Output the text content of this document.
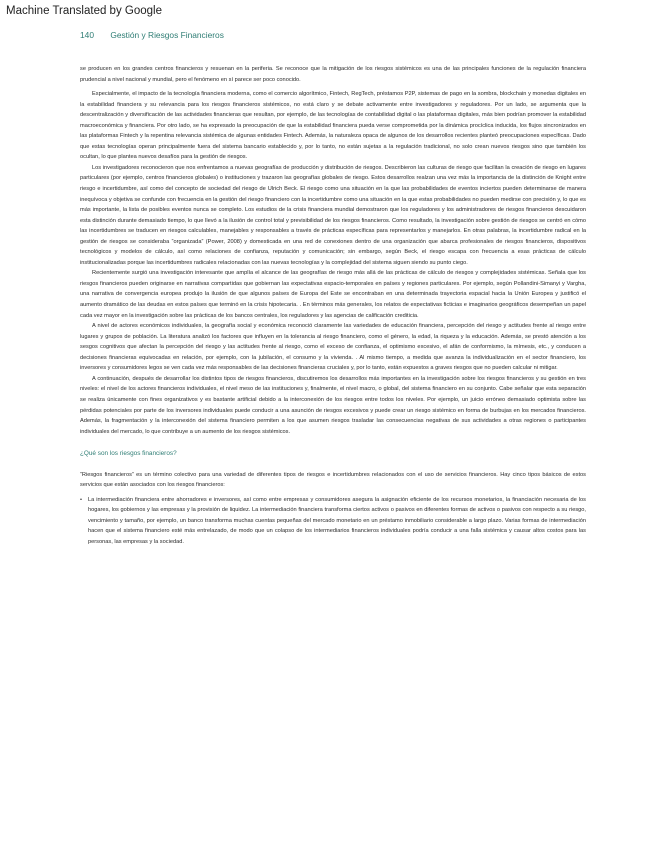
Machine Translated by Google
140 Gestión y Riesgos Financieros

se producen en los grandes centros financieros y resuenan en la periferia. Se reconoce que la mitigación de los riesgos sistémicos es una de las principales funciones de la regulación financiera prudencial a nivel nacional y mundial, pero el fenómeno en sí parece ser poco conocido.

Especialmente, el impacto de la tecnología financiera moderna, como el comercio algorítmico, Fintech, RegTech, préstamos P2P, sistemas de pago en la sombra, blockchain y monedas digitales en la estabilidad financiera y su relevancia para los riesgos financieros sistémicos, no está claro y se debate activamente entre investigadores y reguladores. Por un lado, se argumenta que la descentralización y diversificación de las actividades financieras que resultan, por ejemplo, de las tecnologías de contabilidad digital o las plataformas digitales, más bien podrían promover la estabilidad macroeconómica y financiera. Por otro lado, se ha expresado la preocupación de que la estabilidad financiera pueda verse comprometida por la dinámica procíclica inducida, los flujos sincronizados en las plataformas Fintech y la repentina relevancia sistémica de algunas entidades Fintech. Además, la naturaleza opaca de algunos de los desarrollos recientes planteó preocupaciones específicas. Dado que estas tecnologías operan principalmente fuera del sistema bancario establecido y, por lo tanto, no están sujetas a la regulación tradicional, no solo crean nuevos riesgos sino que también los ocultan, lo que plantea nuevos desafíos para la gestión de riesgos.

Los investigadores reconocieron que nos enfrentamos a nuevas geografías de producción y distribución de riesgos. Describieron las culturas de riesgo que facilitan la creación de riesgo en lugares particulares (por ejemplo, centros financieros globales) o instituciones y trazaron las geografías globales de riesgo. Estos desarrollos realzan una vez más la importancia de la distinción de Knight entre riesgo e incertidumbre, así como del concepto de sociedad del riesgo de Ulrich Beck. El riesgo como una situación en la que las probabilidades de eventos inciertos pueden determinarse de manera inequívoca y objetiva se confunde con frecuencia en la gestión del riesgo financiero con la incertidumbre como una situación en la que estas probabilidades no pueden medirse con precisión y, lo que es más importante, la lista de posibles eventos nunca se completo. Los estudios de la crisis financiera mundial demostraron que los reguladores y los administradores de riesgos financieros descuidaron esta distinción durante demasiado tiempo, lo que llevó a la ilusión de control total y previsibilidad de los riesgos financieros. Como resultado, la investigación sobre gestión de riesgos se centró en cómo las incertidumbres se traducen en riesgos calculables, manejables y responsables a través de prácticas específicas para representarlos y manejarlos. En otras palabras, la incertidumbre radical en la gestión de riesgos se consideraba “organizada” (Power, 2008) y domesticada en una red de conexiones dentro de una organización que abarca profesionales de riesgos financieros, dispositivos tecnológicos y modelos de cálculo, así como relaciones de confianza, reputación y comunicación; sin embargo, según Beck, el riesgo escapa con frecuencia a esas prácticas de cálculo institucionalizadas porque las incertidumbres radicales relacionadas con las nuevas tecnologías y la complejidad del sistema siguen siendo su punto ciego.

Recientemente surgió una investigación interesante que amplía el alcance de las geografías de riesgo más allá de las prácticas de cálculo de riesgos y complejidades sistémicas. Señala que los riesgos financieros pueden originarse en narrativas compartidas que gobiernan las expectativas espacio-temporales en países y regiones particulares. Por ejemplo, según Pollandini-Simanyi y Vargha, una narrativa de convergencia europea produjo la ilusión de que algunos países de Europa del Este se encontraban en una determinada trayectoria espacial hacia la Unión Europea y justificó el aumento dramático de las deudas en estos países que terminó en la crisis hipotecaria. . En términos más generales, los relatos de expectativas ficticias e imaginarios geográficos desempeñan un papel cada vez mayor en la investigación sobre las prácticas de los bancos centrales, los reguladores y las agencias de calificación crediticia.

A nivel de actores económicos individuales, la geografía social y económica reconoció claramente las variedades de educación financiera, percepción del riesgo y actitudes frente al riesgo entre lugares y grupos de población. La literatura analizó los factores que influyen en la tolerancia al riesgo financiero, como el género, la edad, la riqueza y la educación. Además, se prestó atención a los sesgos cognitivos que afectan la percepción del riesgo y las actitudes frente al riesgo, como el exceso de confianza, el optimismo excesivo, el afán de conformismo, la mímesis, etc., y conducen a decisiones financieras equivocadas en relación, por ejemplo, con la jubilación, el consumo y la vivienda. . Al mismo tiempo, a medida que avanza la individualización en el sector financiero, los inversores y consumidores legos se ven cada vez más responsables de las decisiones financieras cruciales y, por lo tanto, están expuestos a graves riesgos que no pueden calcular ni mitigar.

A continuación, después de desarrollar los distintos tipos de riesgos financieros, discutiremos los desarrollos más importantes en la investigación sobre los riesgos financieros y su gestión en tres niveles: el nivel de los actores financieros individuales, el nivel meso de las instituciones y, finalmente, el nivel macro, o global, del sistema financiero en su conjunto. Cabe señalar que esta separación se realiza únicamente con fines organizativos y es bastante artificial debido a la interconexión de los riesgos entre todos los niveles. Por ejemplo, un juicio erróneo demasiado optimista sobre las pérdidas potenciales por parte de los inversores individuales puede conducir a una asunción de riesgos excesivos y puede crear un riesgo sistémico en forma de burbujas en los mercados financieros. Además, la fragmentación y la interconexión del sistema financiero permiten a los que asumen riesgos trasladar las consecuencias negativas de sus actividades a otras regiones o participantes individuales del mercado, lo que contribuye a un aumento de los riesgos sistémicos.

¿Qué son los riesgos financieros?

“Riesgos financieros” es un término colectivo para una variedad de diferentes tipos de riesgos e incertidumbres relacionados con el uso de servicios financieros. Hay cinco tipos básicos de estos servicios que están asociados con los riesgos financieros:

•	La intermediación financiera entre ahorradores e inversores, así como entre empresas y consumidores asegura la asignación eficiente de los recursos monetarios, la financiación necesaria de los hogares, los gobiernos y las empresas y la provisión de liquidez. La intermediación financiera transforma ciertos activos o pasivos en diferentes formas de activos o pasivos con respecto a su riesgo, vencimiento y tamaño, por ejemplo, un banco transforma muchas cuentas pequeñas del mercado monetario en un préstamo inmobiliario considerable a largo plazo. Varias formas de intermediación hacen que el sistema financiero esté más entrelazado, de modo que un colapso de los intermediarios financieros individuales podría conducir a una falla sistémica y causar altos costos para las personas, las empresas y la sociedad.
